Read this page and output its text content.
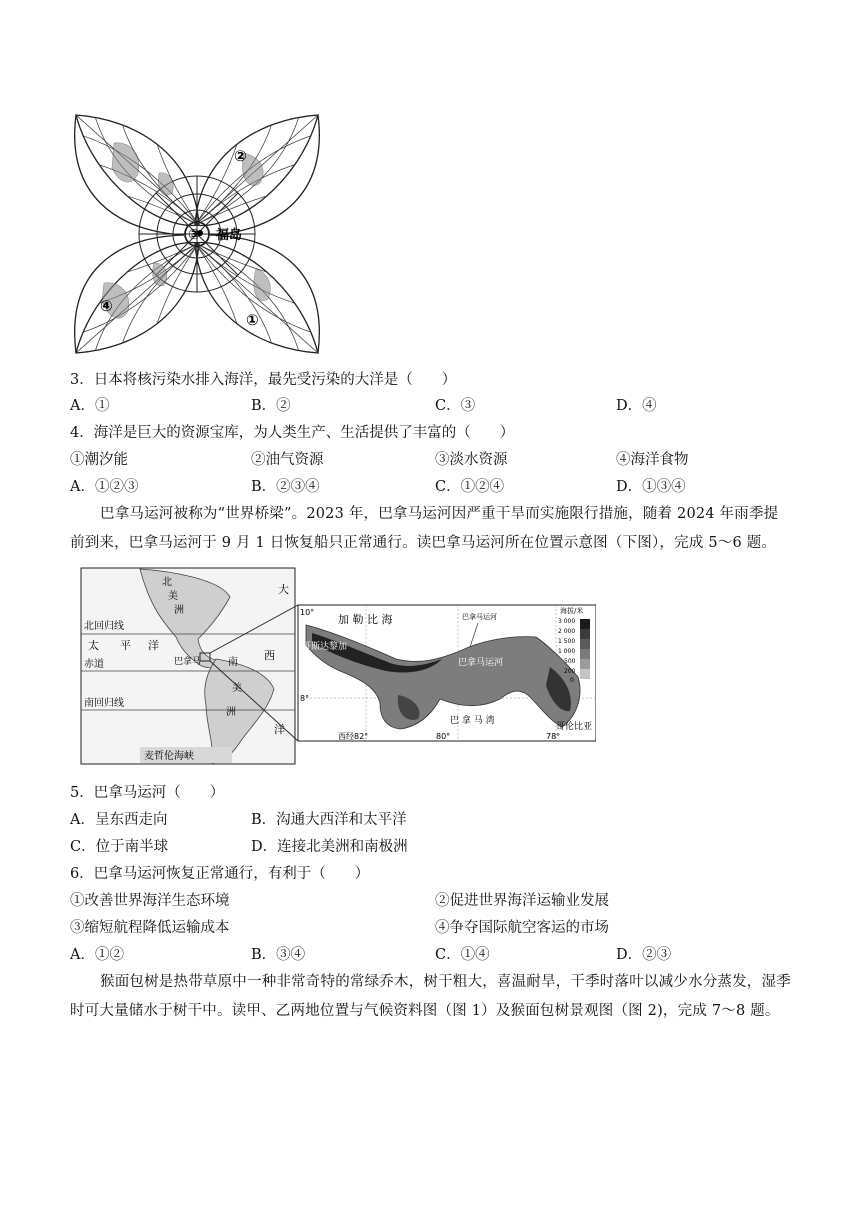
②
③ 福岛
④
①
3．日本将核污染水排入海洋，最先受污染的大洋是（　　）
A．①	B．②	C．③	D．④
4．海洋是巨大的资源宝库，为人类生产、生活提供了丰富的（　　）
①潮汐能	②油气资源	③淡水资源	④海洋食物
A．①②③	B．②③④	C．①②④	D．①③④
巴拿马运河被称为“世界桥梁”。2023 年，巴拿马运河因严重干旱而实施限行措施，随着 2024 年雨季提前到来，巴拿马运河于 9 月 1 日恢复船只正常通行。读巴拿马运河所在位置示意图（下图），完成 5～6 题。
北回归线
赤道
南回归线
北
美
洲
大
西
洋
太 平 洋
南
美
洲
巴拿马
麦哲伦海峡
10°
8°
加 勒 比 海
哥斯达黎加
巴拿马运河
巴拿马运河
巴 拿 马 湾
哥伦比亚
西经82°	80°	78°
海拔/米
3 000
2 000
1 500
1 000
500
200
0
5．巴拿马运河（　　）
A．呈东西走向	B．沟通大西洋和太平洋
C．位于南半球	D．连接北美洲和南极洲
6．巴拿马运河恢复正常通行，有利于（　　）
①改善世界海洋生态环境	②促进世界海洋运输业发展
③缩短航程降低运输成本	④争夺国际航空客运的市场
A．①②	B．③④	C．①④	D．②③
猴面包树是热带草原中一种非常奇特的常绿乔木，树干粗大，喜温耐旱，干季时落叶以减少水分蒸发，湿季时可大量储水于树干中。读甲、乙两地位置与气候资料图（图 1）及猴面包树景观图（图 2)，完成 7～8 题。
